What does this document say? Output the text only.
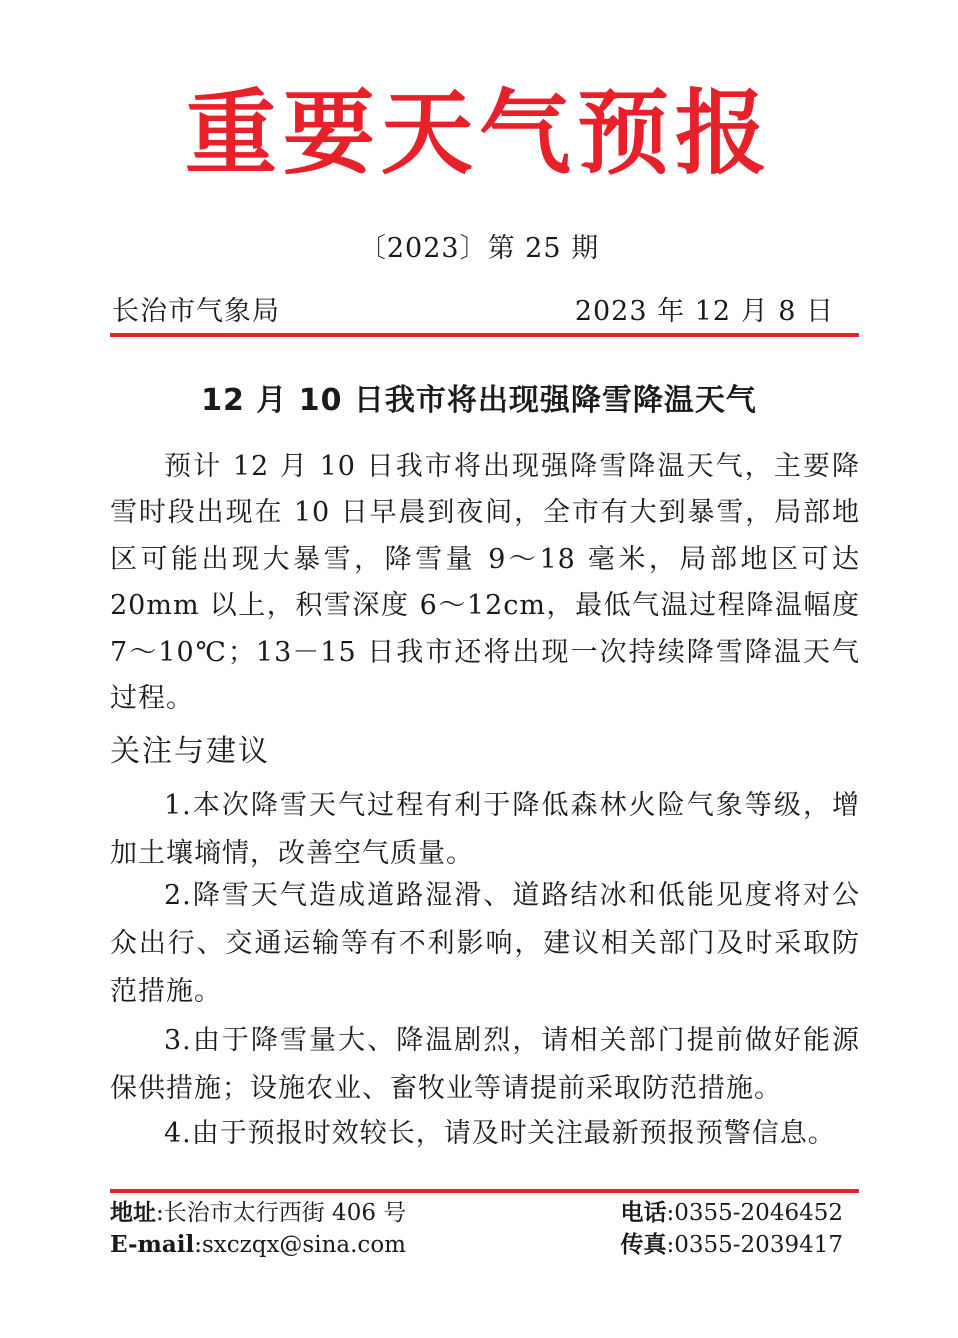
重要天气预报
〔2023〕第 25 期
长治市气象局	2023 年 12 月 8 日
12 月 10 日我市将出现强降雪降温天气
预计 12 月 10 日我市将出现强降雪降温天气，主要降雪时段出现在 10 日早晨到夜间，全市有大到暴雪，局部地区可能出现大暴雪，降雪量 9～18 毫米，局部地区可达 20mm 以上，积雪深度 6～12cm，最低气温过程降温幅度 7～10℃；13－15 日我市还将出现一次持续降雪降温天气过程。
关注与建议
1.本次降雪天气过程有利于降低森林火险气象等级，增加土壤墒情，改善空气质量。
2.降雪天气造成道路湿滑、道路结冰和低能见度将对公众出行、交通运输等有不利影响，建议相关部门及时采取防范措施。
3.由于降雪量大、降温剧烈，请相关部门提前做好能源保供措施；设施农业、畜牧业等请提前采取防范措施。
4.由于预报时效较长，请及时关注最新预报预警信息。
地址:长治市太行西街 406 号
E-mail:sxczqx@sina.com
电话:0355-2046452
传真:0355-2039417
